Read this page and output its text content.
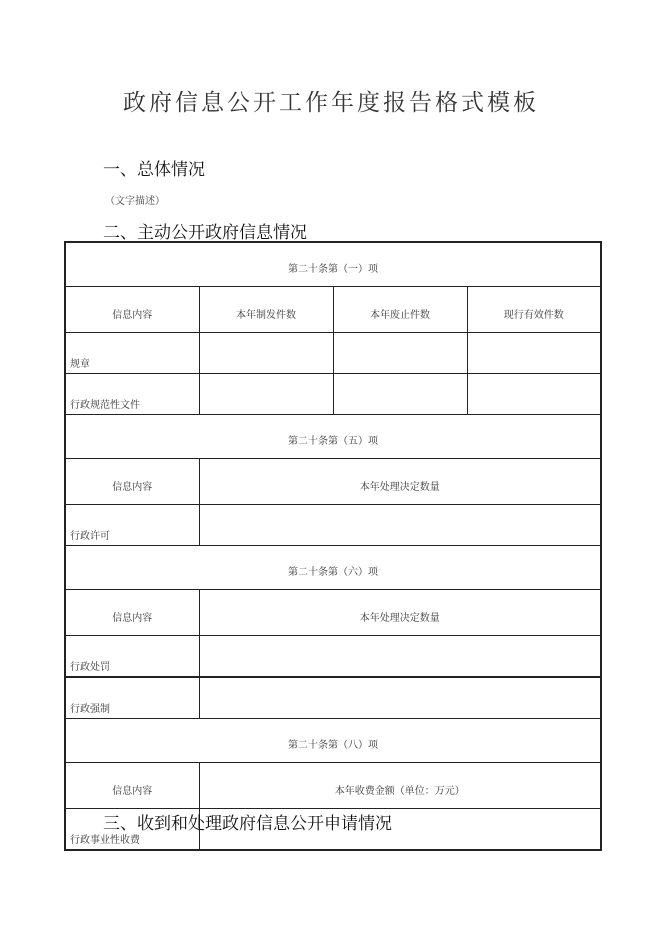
政府信息公开工作年度报告格式模板
一、总体情况
（文字描述）
二、主动公开政府信息情况
第二十条第（一）项			
信息内容	本年制发件数	本年废止件数	现行有效件数
规章			
行政规范性文件			
第二十条第（五）项			
信息内容	本年处理决定数量		
行政许可			
第二十条第（六）项			
信息内容	本年处理决定数量		
行政处罚			
行政强制			
第二十条第（八）项			
信息内容	本年收费金额（单位：万元）		
行政事业性收费			
三、收到和处理政府信息公开申请情况
